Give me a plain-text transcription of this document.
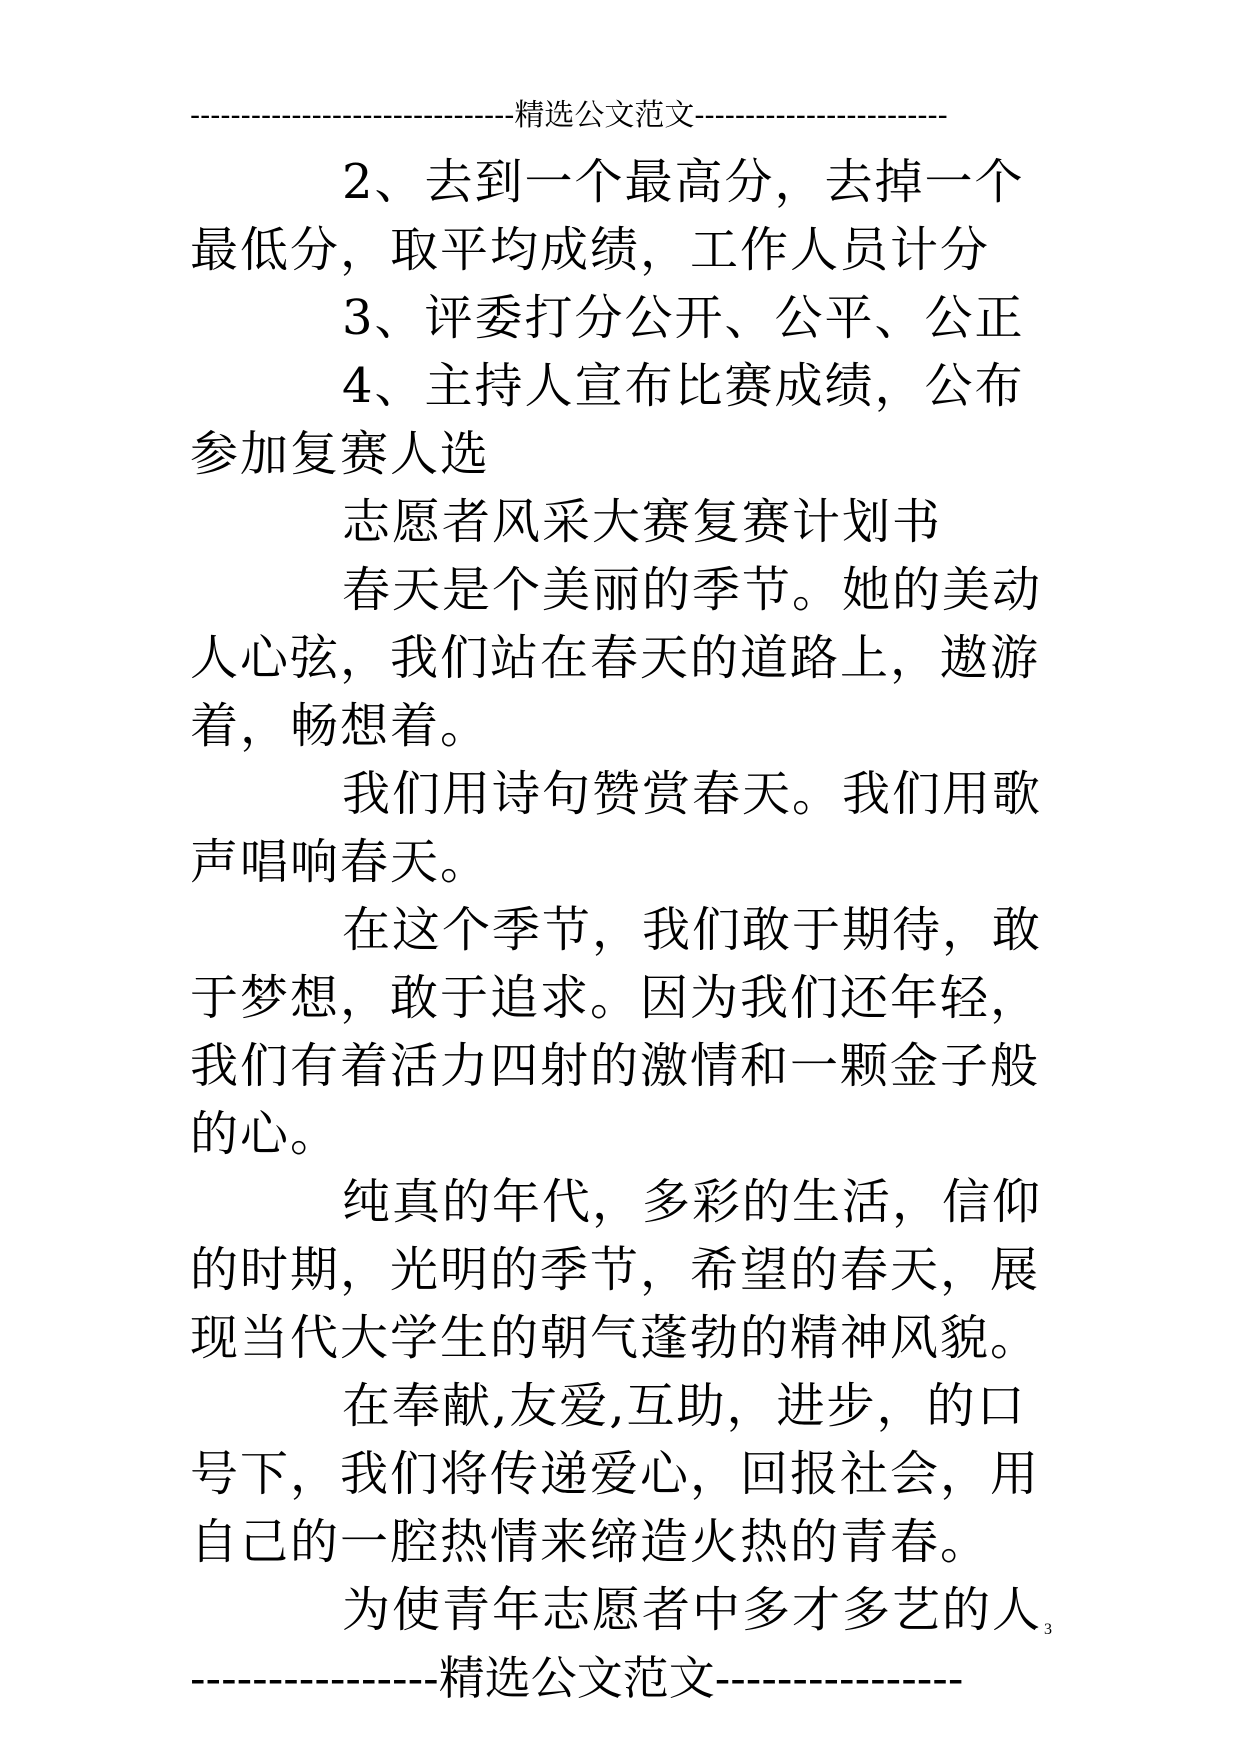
--------------------------------精选公文范文-------------------------

2、去到一个最高分，去掉一个最低分，取平均成绩，工作人员计分

3、评委打分公开、公平、公正

4、主持人宣布比赛成绩，公布参加复赛人选

志愿者风采大赛复赛计划书

春天是个美丽的季节。她的美动人心弦，我们站在春天的道路上，遨游着，畅想着。

我们用诗句赞赏春天。我们用歌声唱响春天。

在这个季节，我们敢于期待，敢于梦想，敢于追求。因为我们还年轻，我们有着活力四射的激情和一颗金子般的心。

纯真的年代，多彩的生活，信仰的时期，光明的季节，希望的春天，展现当代大学生的朝气蓬勃的精神风貌。

在奉献,友爱,互助，进步，的口号下，我们将传递爱心，回报社会，用自己的一腔热情来缔造火热的青春。

为使青年志愿者中多才多艺的人 3
----------------精选公文范文----------------
